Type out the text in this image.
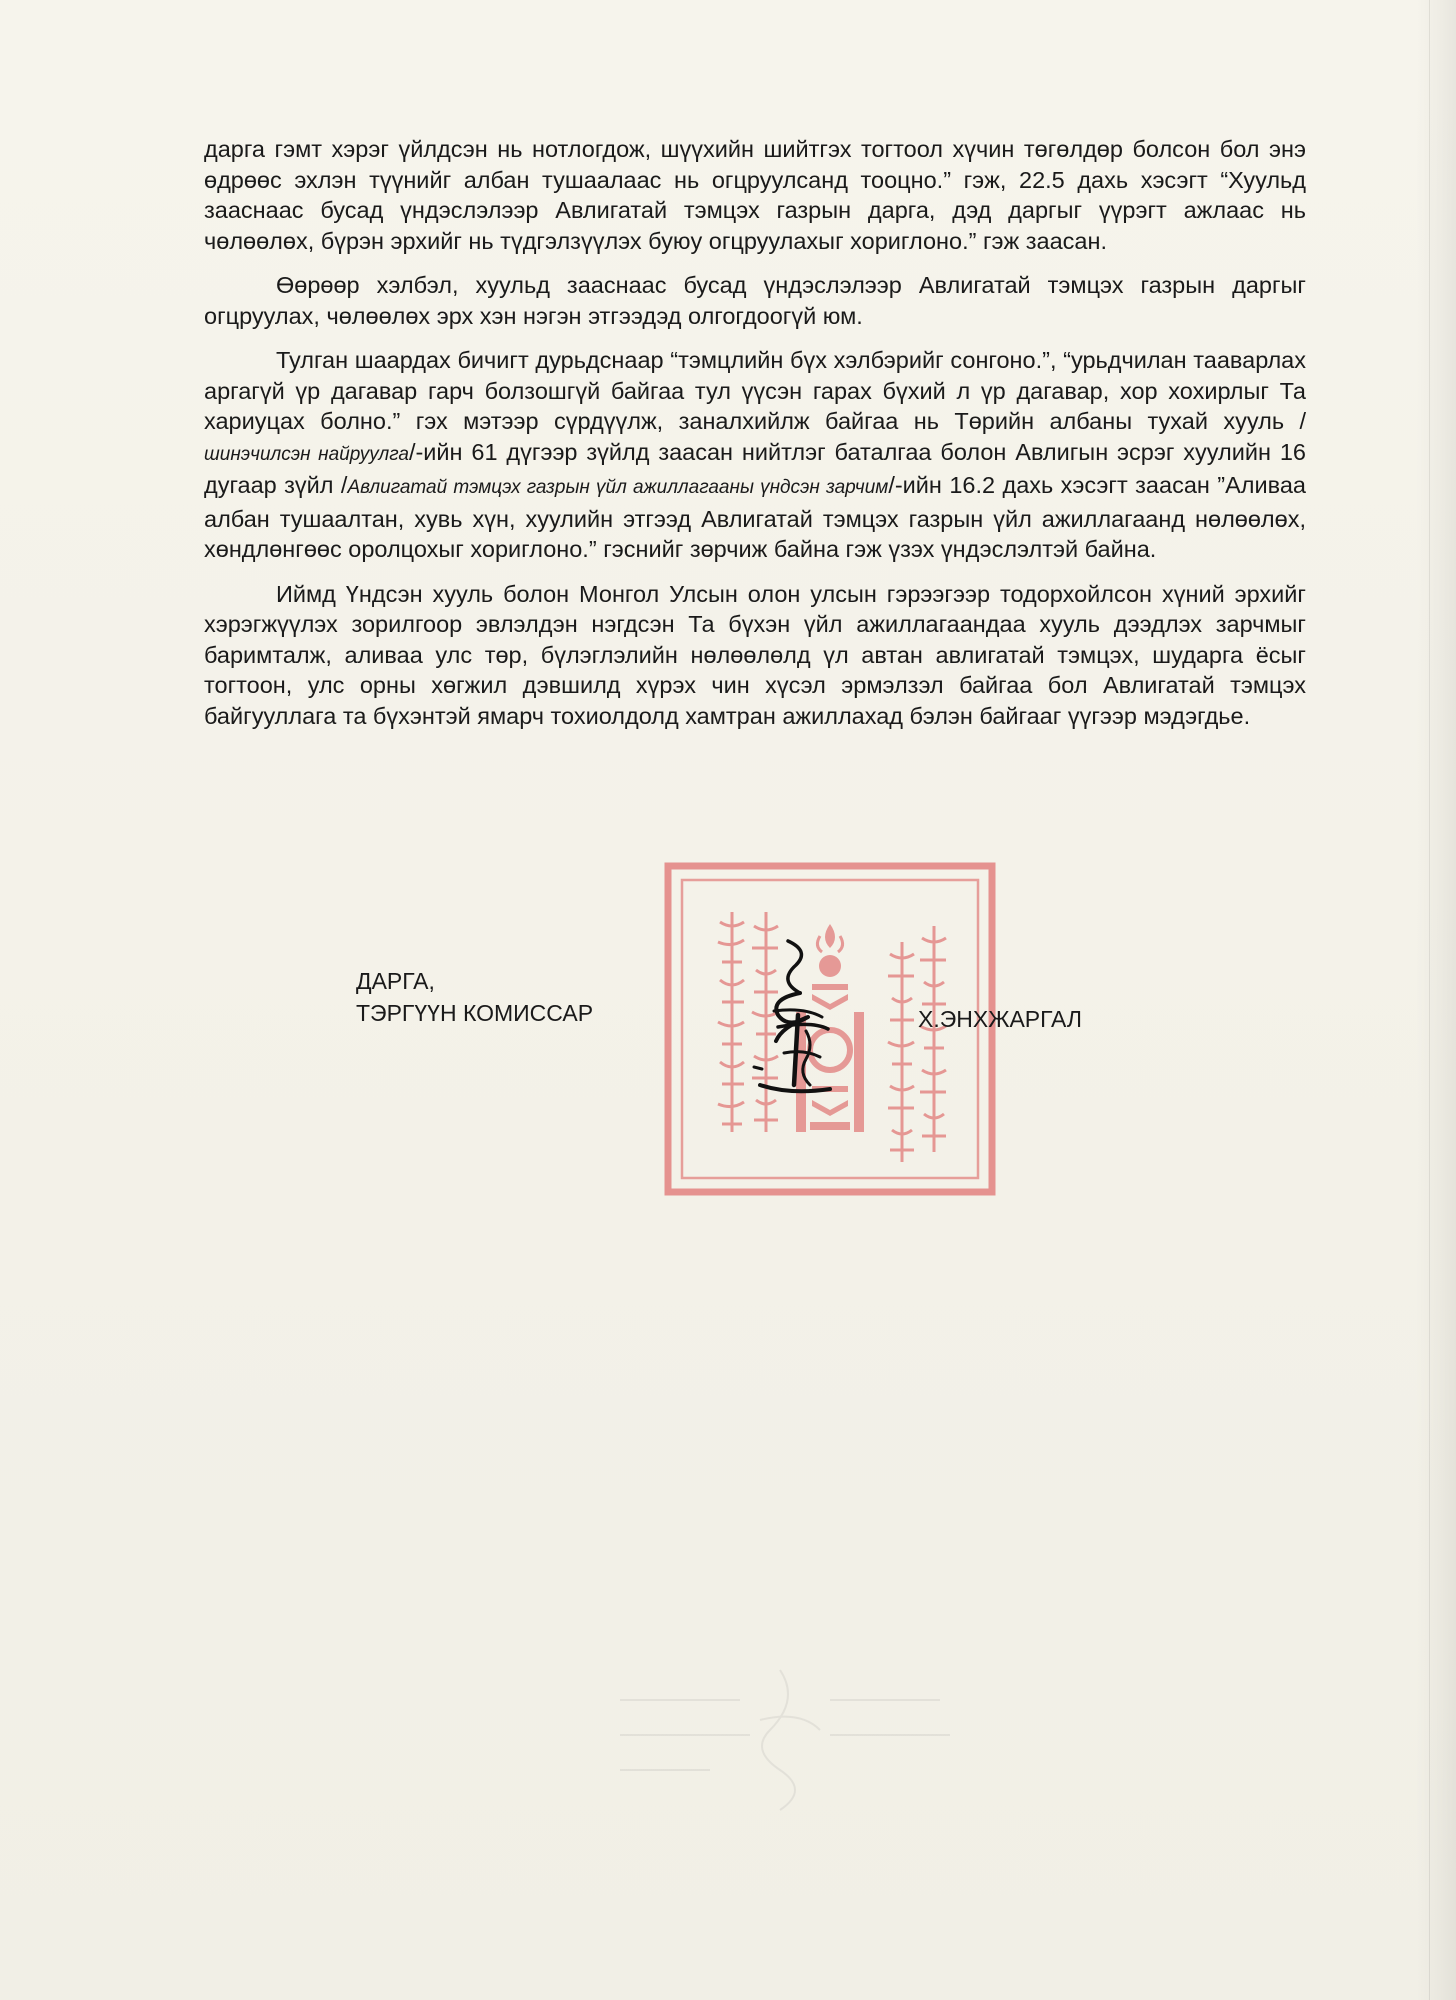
дарга гэмт хэрэг үйлдсэн нь нотлогдож, шүүхийн шийтгэх тогтоол хүчин төгөлдөр болсон бол энэ өдрөөс эхлэн түүнийг албан тушаалаас нь огцруулсанд тооцно.” гэж, 22.5 дахь хэсэгт “Хуульд зааснаас бусад үндэслэлээр Авлигатай тэмцэх газрын дарга, дэд даргыг үүрэгт ажлаас нь чөлөөлөх, бүрэн эрхийг нь түдгэлзүүлэх буюу огцруулахыг хориглоно.” гэж заасан.

Өөрөөр хэлбэл, хуульд зааснаас бусад үндэслэлээр Авлигатай тэмцэх газрын даргыг огцруулах, чөлөөлөх эрх хэн нэгэн этгээдэд олгогдоогүй юм.

Тулган шаардах бичигт дурьдснаар “тэмцлийн бүх хэлбэрийг сонгоно.”, “урьдчилан тааварлах аргагүй үр дагавар гарч болзошгүй байгаа тул үүсэн гарах бүхий л үр дагавар, хор хохирлыг Та хариуцах болно.” гэх мэтээр сүрдүүлж, заналхийлж байгаа нь Төрийн албаны тухай хууль /шинэчилсэн найруулга/-ийн 61 дүгээр зүйлд заасан нийтлэг баталгаа болон Авлигын эсрэг хуулийн 16 дугаар зүйл /Авлигатай тэмцэх газрын үйл ажиллагааны үндсэн зарчим/-ийн 16.2 дахь хэсэгт заасан ”Аливаа албан тушаалтан, хувь хүн, хуулийн этгээд Авлигатай тэмцэх газрын үйл ажиллагаанд нөлөөлөх, хөндлөнгөөс оролцохыг хориглоно.” гэснийг зөрчиж байна гэж үзэх үндэслэлтэй байна.

Иймд Үндсэн хууль болон Монгол Улсын олон улсын гэрээгээр тодорхойлсон хүний эрхийг хэрэгжүүлэх зорилгоор эвлэлдэн нэгдсэн Та бүхэн үйл ажиллагаандаа хууль дээдлэх зарчмыг баримталж, аливаа улс төр, бүлэглэлийн нөлөөлөлд үл автан авлигатай тэмцэх, шударга ёсыг тогтоон, улс орны хөгжил дэвшилд хүрэх чин хүсэл эрмэлзэл байгаа бол Авлигатай тэмцэх байгууллага та бүхэнтэй ямарч тохиолдолд хамтран ажиллахад бэлэн байгааг үүгээр мэдэгдье.

ДАРГА,
ТЭРГҮҮН КОМИССАР	Х.ЭНХЖАРГАЛ
